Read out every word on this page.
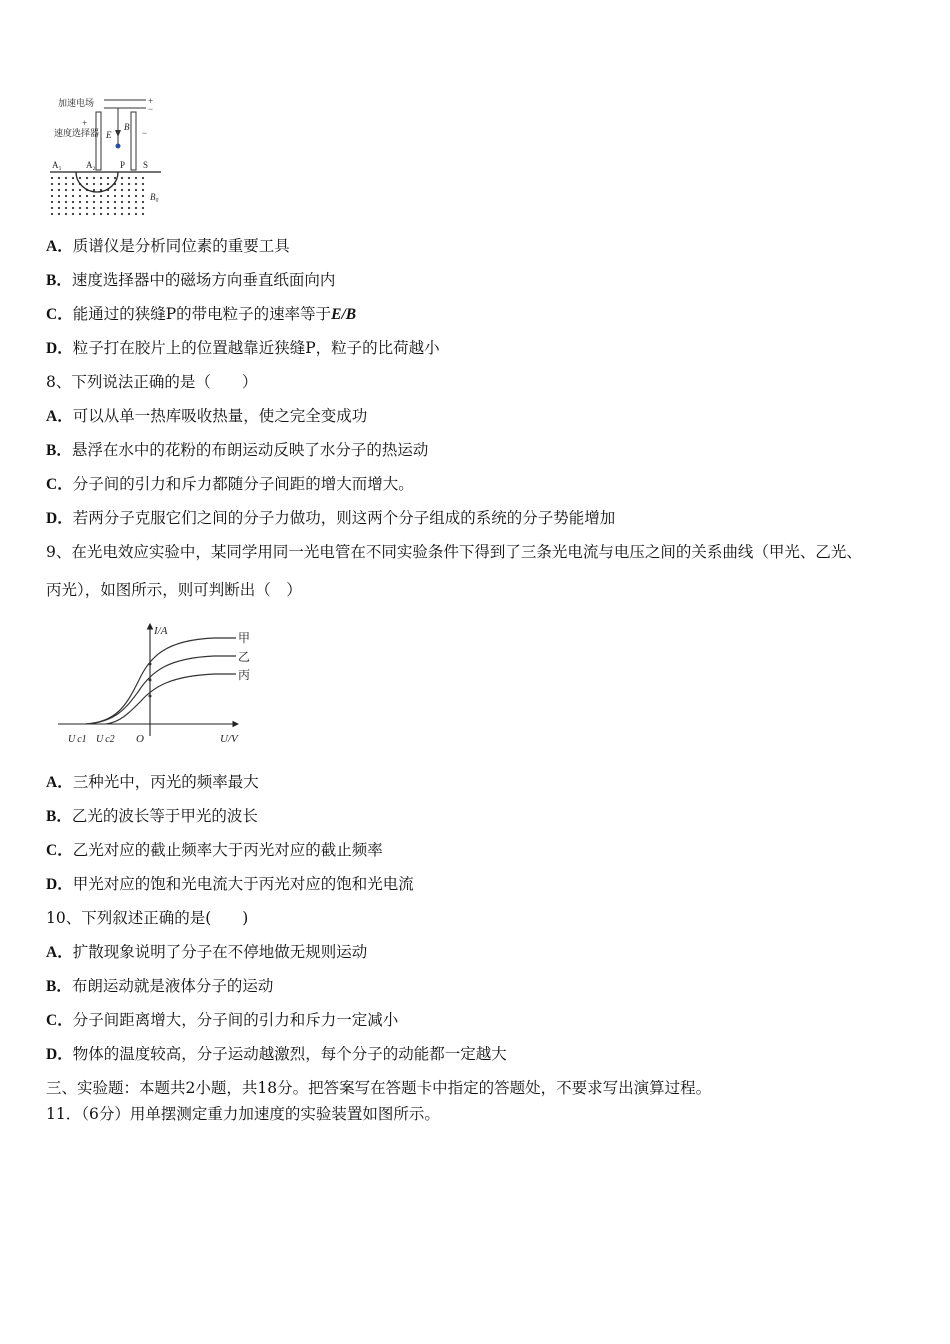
加速电场	+
−
速度选择器 E
B
+
−
A₁	A₂	P S
B₀
A．质谱仪是分析同位素的重要工具
B．速度选择器中的磁场方向垂直纸面向内
C．能通过的狭缝P的带电粒子的速率等于E/B
D．粒子打在胶片上的位置越靠近狭缝P，粒子的比荷越小
8、下列说法正确的是（　　）
A．可以从单一热库吸收热量，使之完全变成功
B．悬浮在水中的花粉的布朗运动反映了水分子的热运动
C．分子间的引力和斥力都随分子间距的增大而增大。
D．若两分子克服它们之间的分子力做功，则这两个分子组成的系统的分子势能增加
9、在光电效应实验中，某同学用同一光电管在不同实验条件下得到了三条光电流与电压之间的关系曲线（甲光、乙光、
丙光），如图所示，则可判断出（　）
I/A
U/V
U c1 U c2 O
甲
乙
丙
A．三种光中，丙光的频率最大
B．乙光的波长等于甲光的波长
C．乙光对应的截止频率大于丙光对应的截止频率
D．甲光对应的饱和光电流大于丙光对应的饱和光电流
10、下列叙述正确的是(　　)
A．扩散现象说明了分子在不停地做无规则运动
B．布朗运动就是液体分子的运动
C．分子间距离增大，分子间的引力和斥力一定减小
D．物体的温度较高，分子运动越激烈，每个分子的动能都一定越大
三、实验题：本题共2小题，共18分。把答案写在答题卡中指定的答题处，不要求写出演算过程。
11．（6分）用单摆测定重力加速度的实验装置如图所示。
